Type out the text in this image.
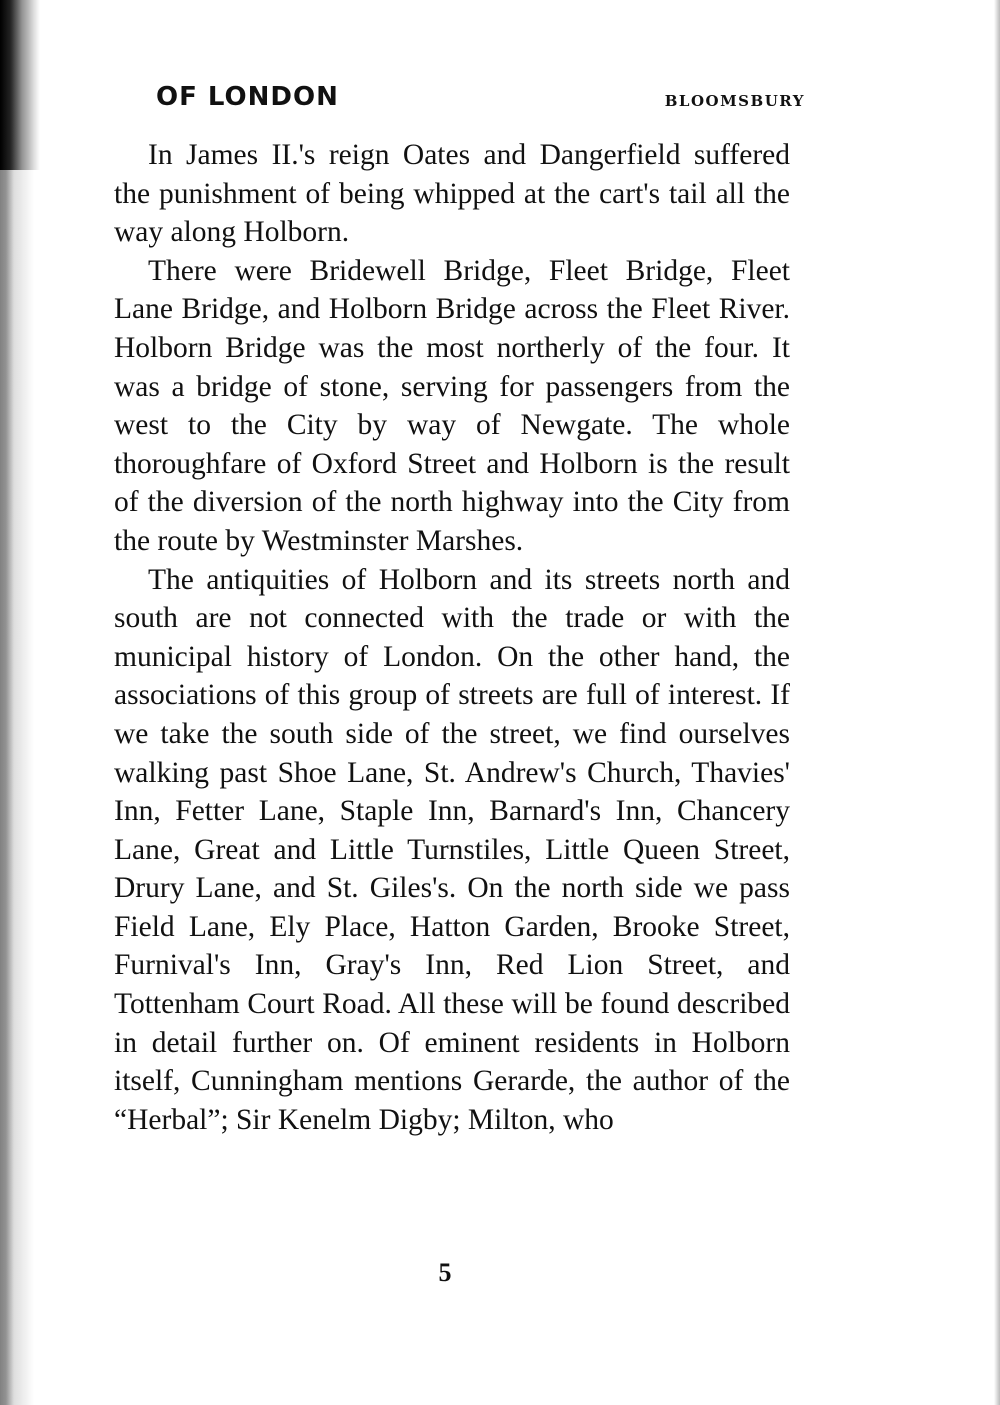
OF LONDON	BLOOMSBURY

In James II.'s reign Oates and Dangerfield suffered the punishment of being whipped at the cart's tail all the way along Holborn.

There were Bridewell Bridge, Fleet Bridge, Fleet Lane Bridge, and Holborn Bridge across the Fleet River. Holborn Bridge was the most northerly of the four. It was a bridge of stone, serving for passengers from the west to the City by way of Newgate. The whole thoroughfare of Oxford Street and Holborn is the result of the diversion of the north highway into the City from the route by Westminster Marshes.

The antiquities of Holborn and its streets north and south are not connected with the trade or with the municipal history of London. On the other hand, the associations of this group of streets are full of interest. If we take the south side of the street, we find ourselves walking past Shoe Lane, St. Andrew's Church, Thavies' Inn, Fetter Lane, Staple Inn, Barnard's Inn, Chancery Lane, Great and Little Turnstiles, Little Queen Street, Drury Lane, and St. Giles's. On the north side we pass Field Lane, Ely Place, Hatton Garden, Brooke Street, Furnival's Inn, Gray's Inn, Red Lion Street, and Tottenham Court Road. All these will be found described in detail further on. Of eminent residents in Holborn itself, Cunningham mentions Gerarde, the author of the “Herbal”; Sir Kenelm Digby; Milton, who

5
